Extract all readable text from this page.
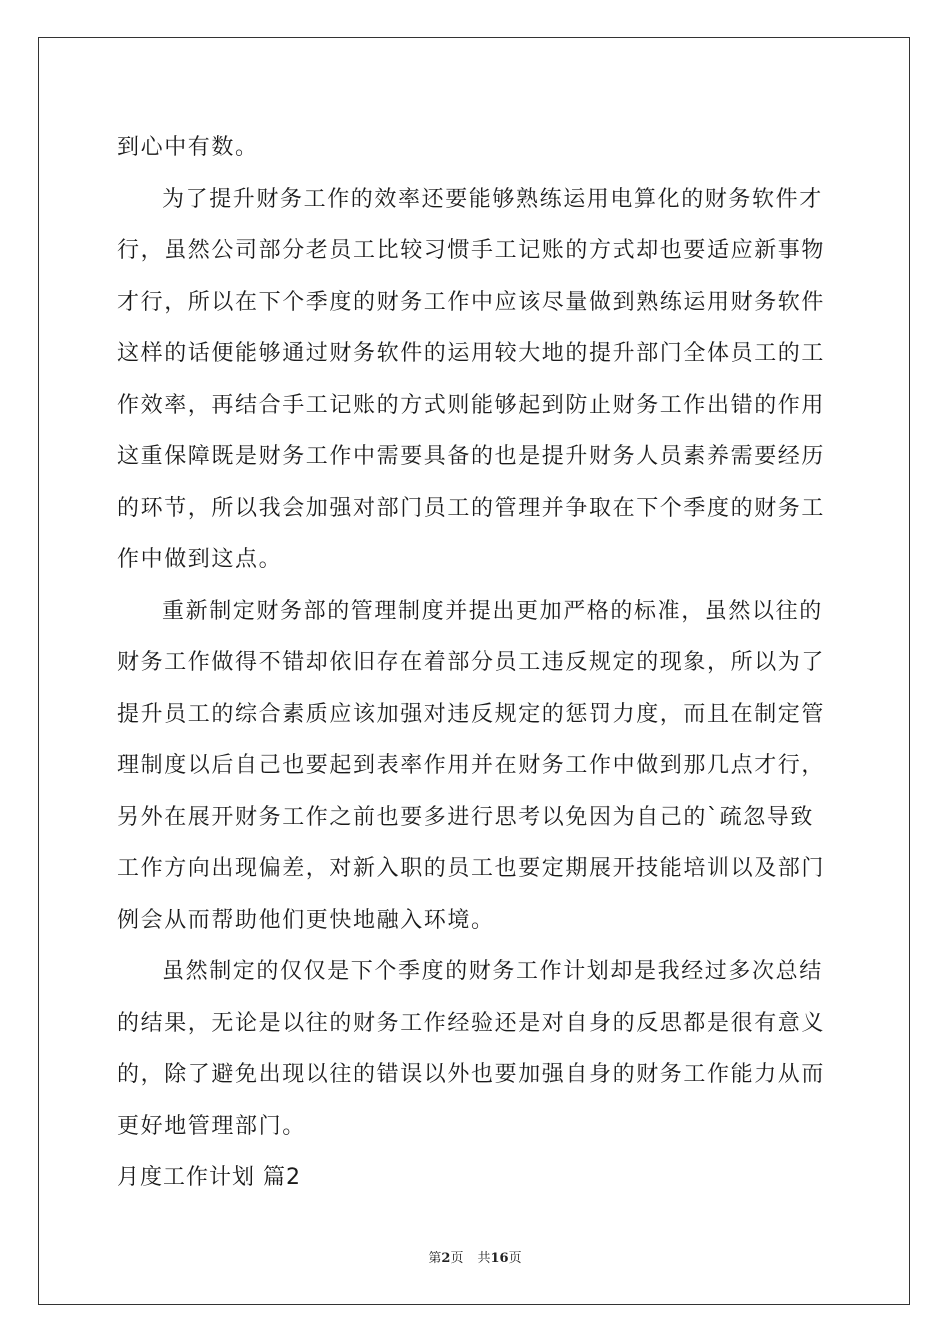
到心中有数。
为了提升财务工作的效率还要能够熟练运用电算化的财务软件才
行，虽然公司部分老员工比较习惯手工记账的方式却也要适应新事物
才行，所以在下个季度的财务工作中应该尽量做到熟练运用财务软件
这样的话便能够通过财务软件的运用较大地的提升部门全体员工的工
作效率，再结合手工记账的方式则能够起到防止财务工作出错的作用
这重保障既是财务工作中需要具备的也是提升财务人员素养需要经历
的环节，所以我会加强对部门员工的管理并争取在下个季度的财务工
作中做到这点。
重新制定财务部的管理制度并提出更加严格的标准，虽然以往的
财务工作做得不错却依旧存在着部分员工违反规定的现象，所以为了
提升员工的综合素质应该加强对违反规定的惩罚力度，而且在制定管
理制度以后自己也要起到表率作用并在财务工作中做到那几点才行，
另外在展开财务工作之前也要多进行思考以免因为自己的`疏忽导致
工作方向出现偏差，对新入职的员工也要定期展开技能培训以及部门
例会从而帮助他们更快地融入环境。
虽然制定的仅仅是下个季度的财务工作计划却是我经过多次总结
的结果，无论是以往的财务工作经验还是对自身的反思都是很有意义
的，除了避免出现以往的错误以外也要加强自身的财务工作能力从而
更好地管理部门。

月度工作计划 篇2

第2页 共16页
